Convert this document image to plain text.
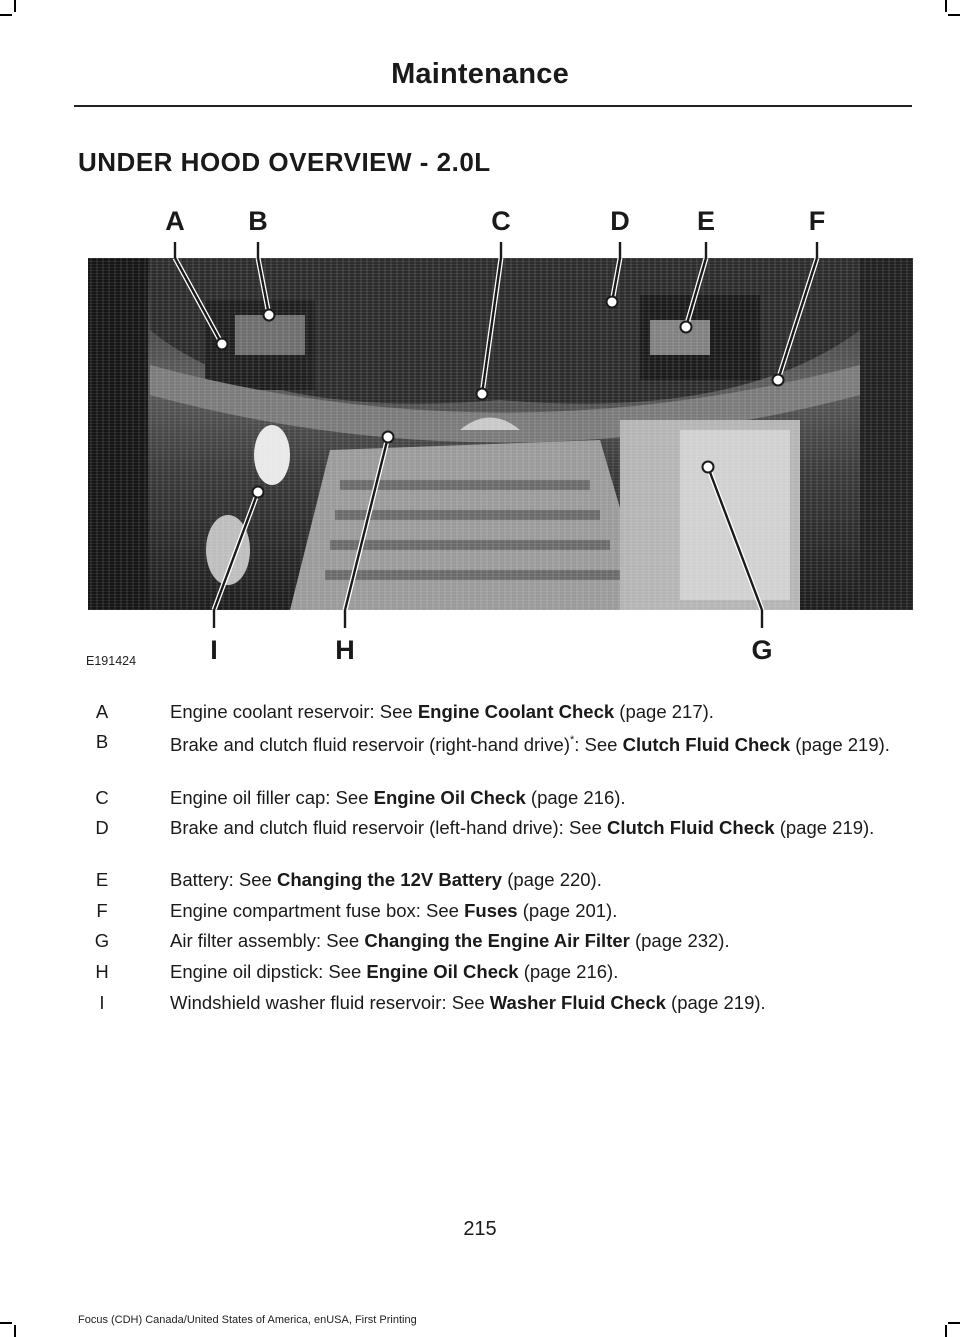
Maintenance
UNDER HOOD OVERVIEW - 2.0L
A B	C	D E	F
G
H
I
E191424
A	Engine coolant reservoir: See Engine Coolant Check (page 217).
B	Brake and clutch fluid reservoir (right-hand drive)*: See Clutch Fluid Check (page 219).
C	Engine oil filler cap: See Engine Oil Check (page 216).
D	Brake and clutch fluid reservoir (left-hand drive): See Clutch Fluid Check (page 219).
E	Battery: See Changing the 12V Battery (page 220).
F	Engine compartment fuse box: See Fuses (page 201).
G	Air filter assembly: See Changing the Engine Air Filter (page 232).
H	Engine oil dipstick: See Engine Oil Check (page 216).
I	Windshield washer fluid reservoir: See Washer Fluid Check (page 219).
215
Focus (CDH) Canada/United States of America, enUSA, First Printing
